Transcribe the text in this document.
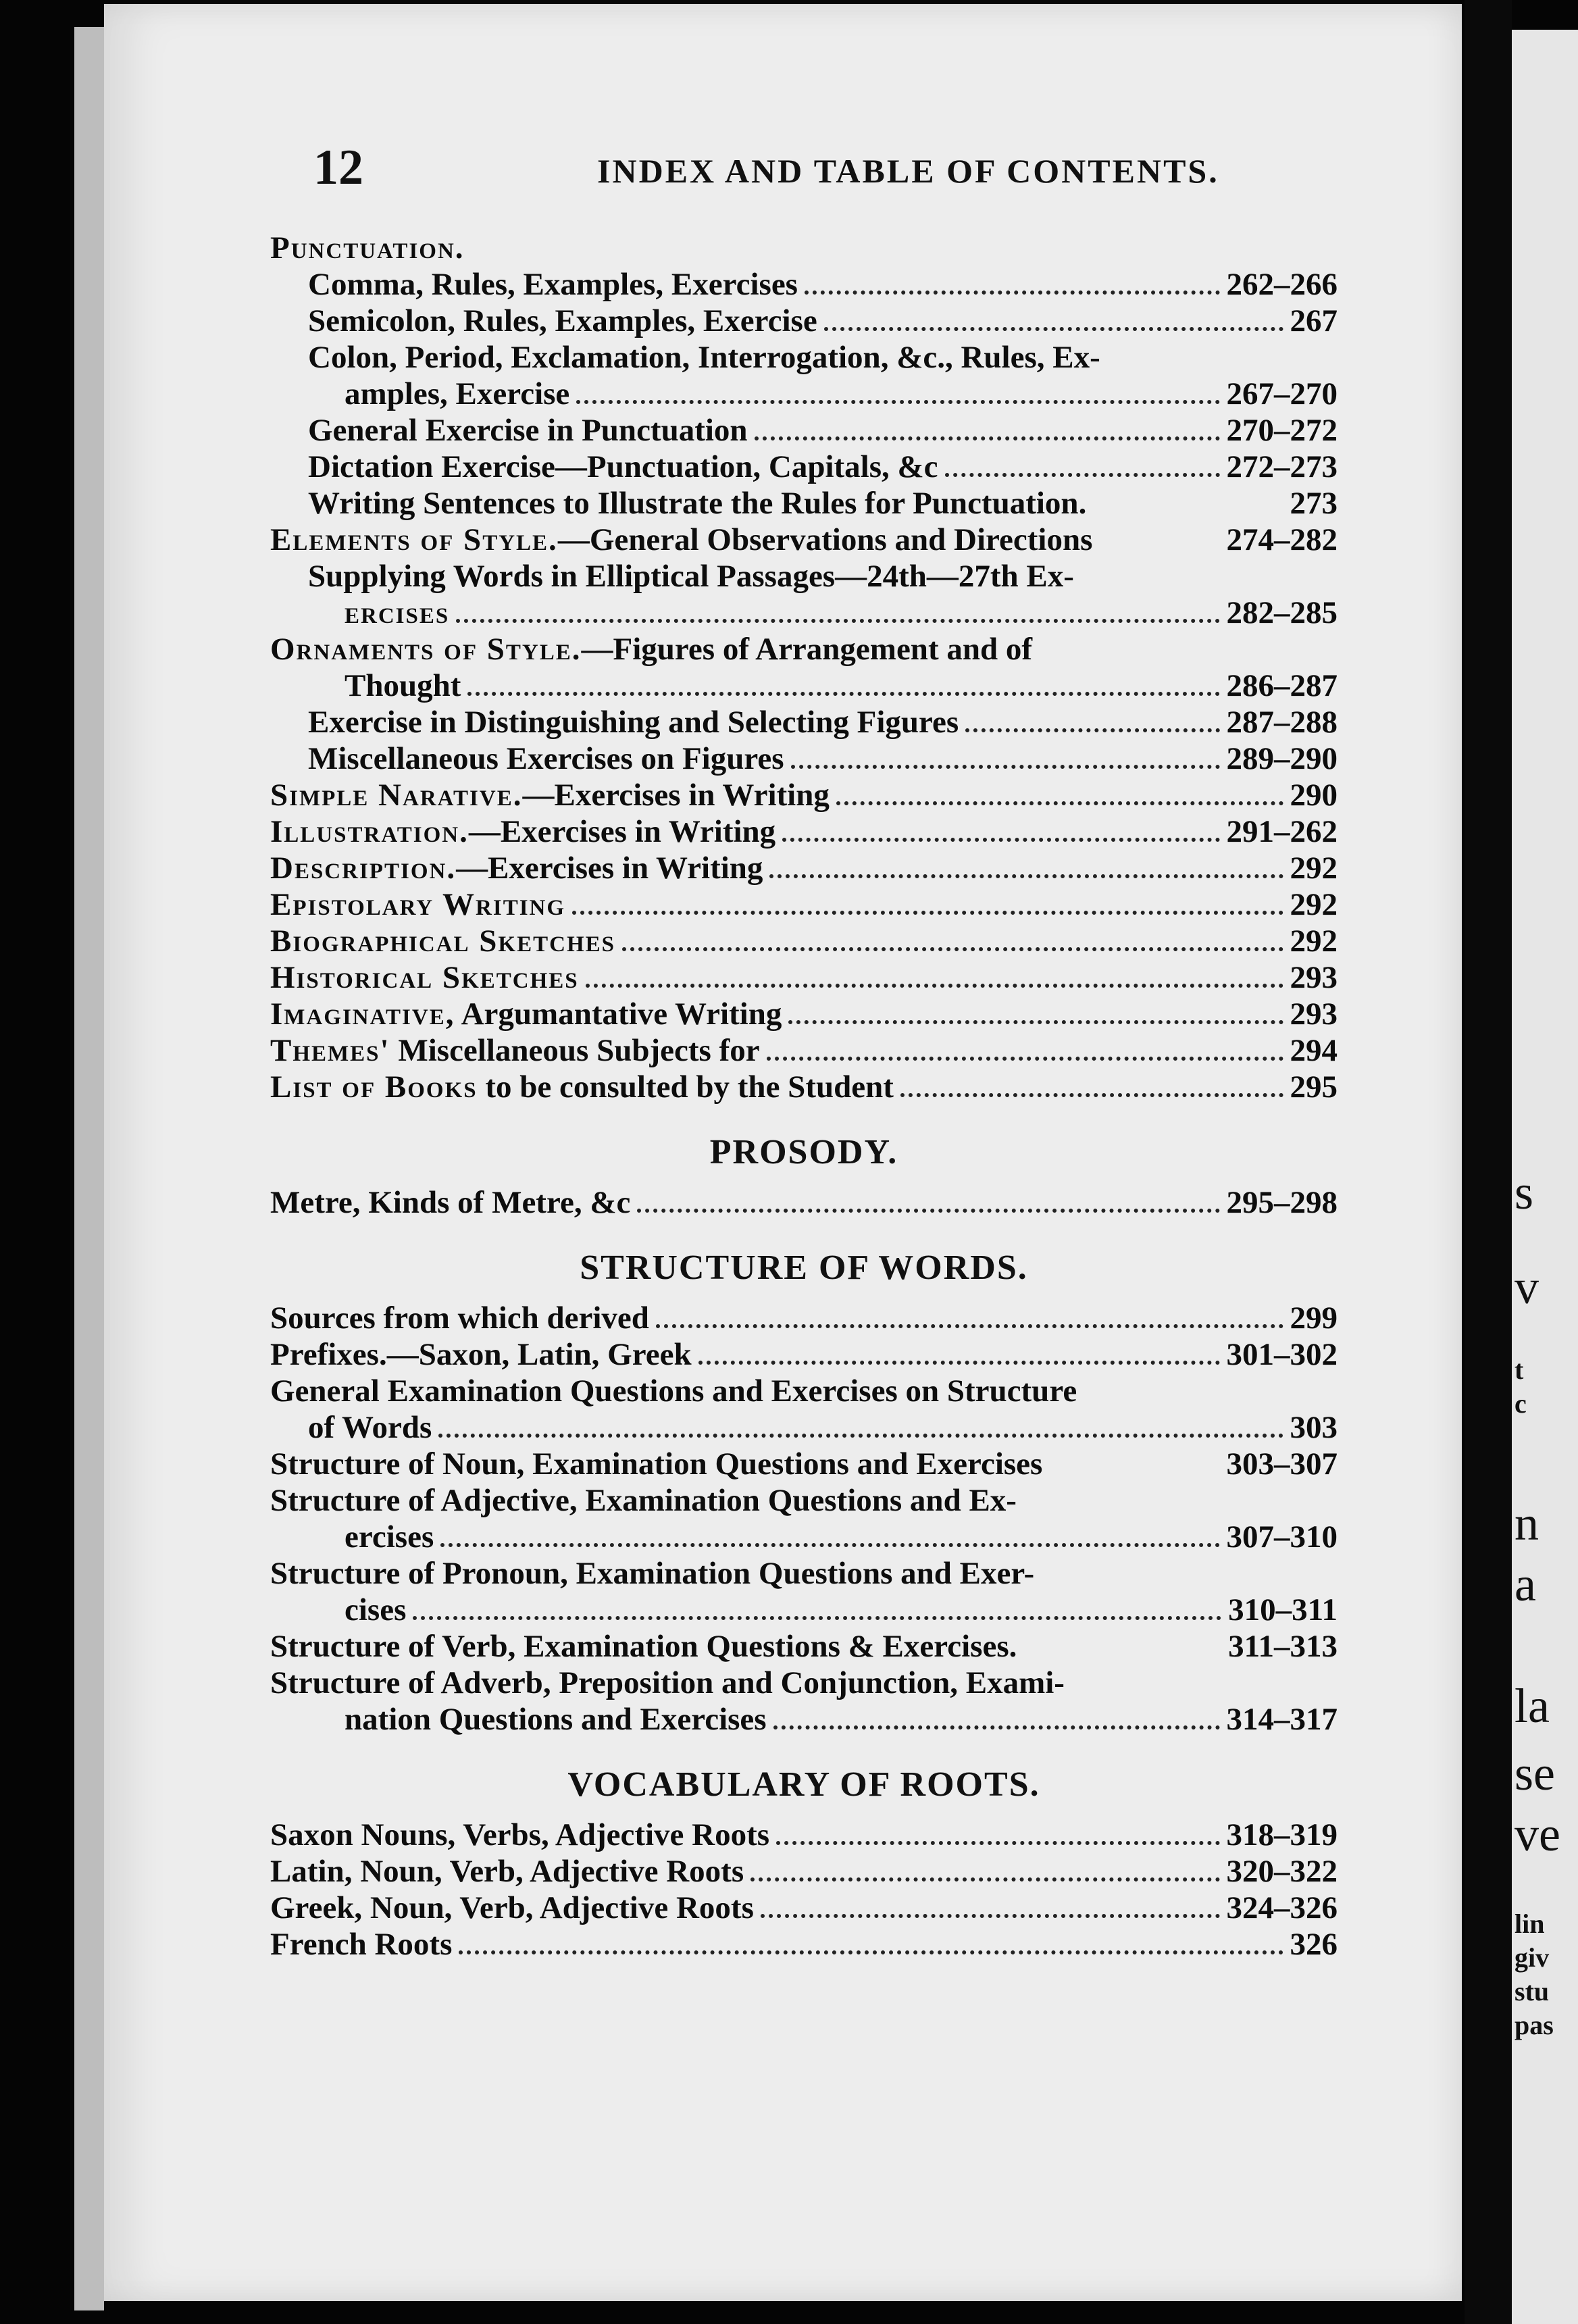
12	INDEX AND TABLE OF CONTENTS.
Punctuation.
Comma, Rules, Examples, Exercises	262–266
Semicolon, Rules, Examples, Exercise	267
Colon, Period, Exclamation, Interrogation, &c., Rules, Ex-
amples, Exercise	267–270
General Exercise in Punctuation	270–272
Dictation Exercise—Punctuation, Capitals, &c	272–273
Writing Sentences to Illustrate the Rules for Punctuation.	273
Elements of Style.—General Observations and Directions	274–282
Supplying Words in Elliptical Passages—24th—27th Ex-
ercises	282–285
Ornaments of Style.—Figures of Arrangement and of
Thought	286–287
Exercise in Distinguishing and Selecting Figures	287–288
Miscellaneous Exercises on Figures	289–290
Simple Narative.—Exercises in Writing	290
Illustration.—Exercises in Writing	291–262
Description.—Exercises in Writing	292
Epistolary Writing	292
Biographical Sketches	292
Historical Sketches	293
Imaginative, Argumantative Writing	293
Themes' Miscellaneous Subjects for	294
List of Books to be consulted by the Student	295
PROSODY.
Metre, Kinds of Metre, &c	295–298
STRUCTURE OF WORDS.
Sources from which derived	299
Prefixes.—Saxon, Latin, Greek	301–302
General Examination Questions and Exercises on Structure
of Words	303
Structure of Noun, Examination Questions and Exercises	303–307
Structure of Adjective, Examination Questions and Ex-
ercises	307–310
Structure of Pronoun, Examination Questions and Exer-
cises	310–311
Structure of Verb, Examination Questions & Exercises.	311–313
Structure of Adverb, Preposition and Conjunction, Exami-
nation Questions and Exercises	314–317
VOCABULARY OF ROOTS.
Saxon Nouns, Verbs, Adjective Roots	318–319
Latin, Noun, Verb, Adjective Roots	320–322
Greek, Noun, Verb, Adjective Roots	324–326
French Roots	326
s
v
t
c
n
a
la
se
ve
lin
giv
stu
pas
